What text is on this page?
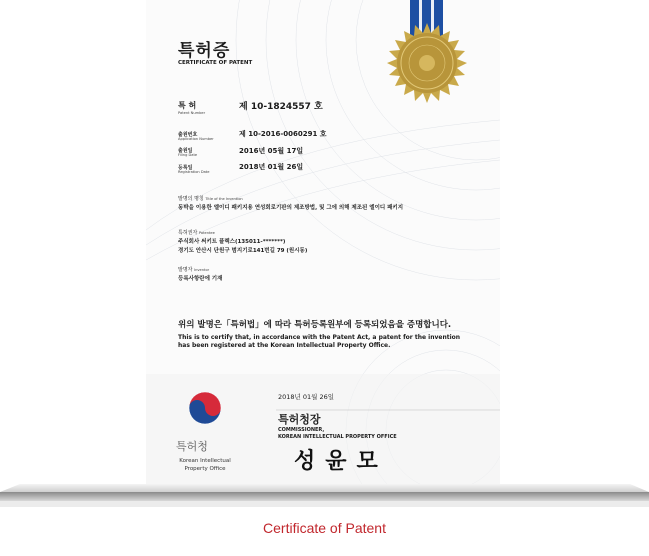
특허증
CERTIFICATE OF PATENT
특 허
Patent Number
제 10-1824557 호
출원번호
Application Number
제 10-2016-0060291 호
출원일
Filing Date	2016년 05월 17일
등록일
Registration Date
2018년 01월 26일
발명의 명칭 Title of the Invention
동박을 이용한 엘이디 패키지용 연성회로기판의 제조방법, 및 그에 의해 제조된 엘이디 패키지
특허권자 Patentee
주식회사 써키트 플렉스(135011-*******)
경기도 안산시 단원구 범지기로141번길 79 (원시동)
발명자 Inventor
등록사항란에 기재
위의 발명은「특허법」에 따라 특허등록원부에 등록되었음을 증명합니다.
This is to certify that, in accordance with the Patent Act, a patent for the invention
has been registered at the Korean Intellectual Property Office.
2018년 01월 26일
특허청장
COMMISSIONER,
KOREAN INTELLECTUAL PROPERTY OFFICE
성윤모
특허청
Korean Intellectual
Property Office
Certificate of Patent
